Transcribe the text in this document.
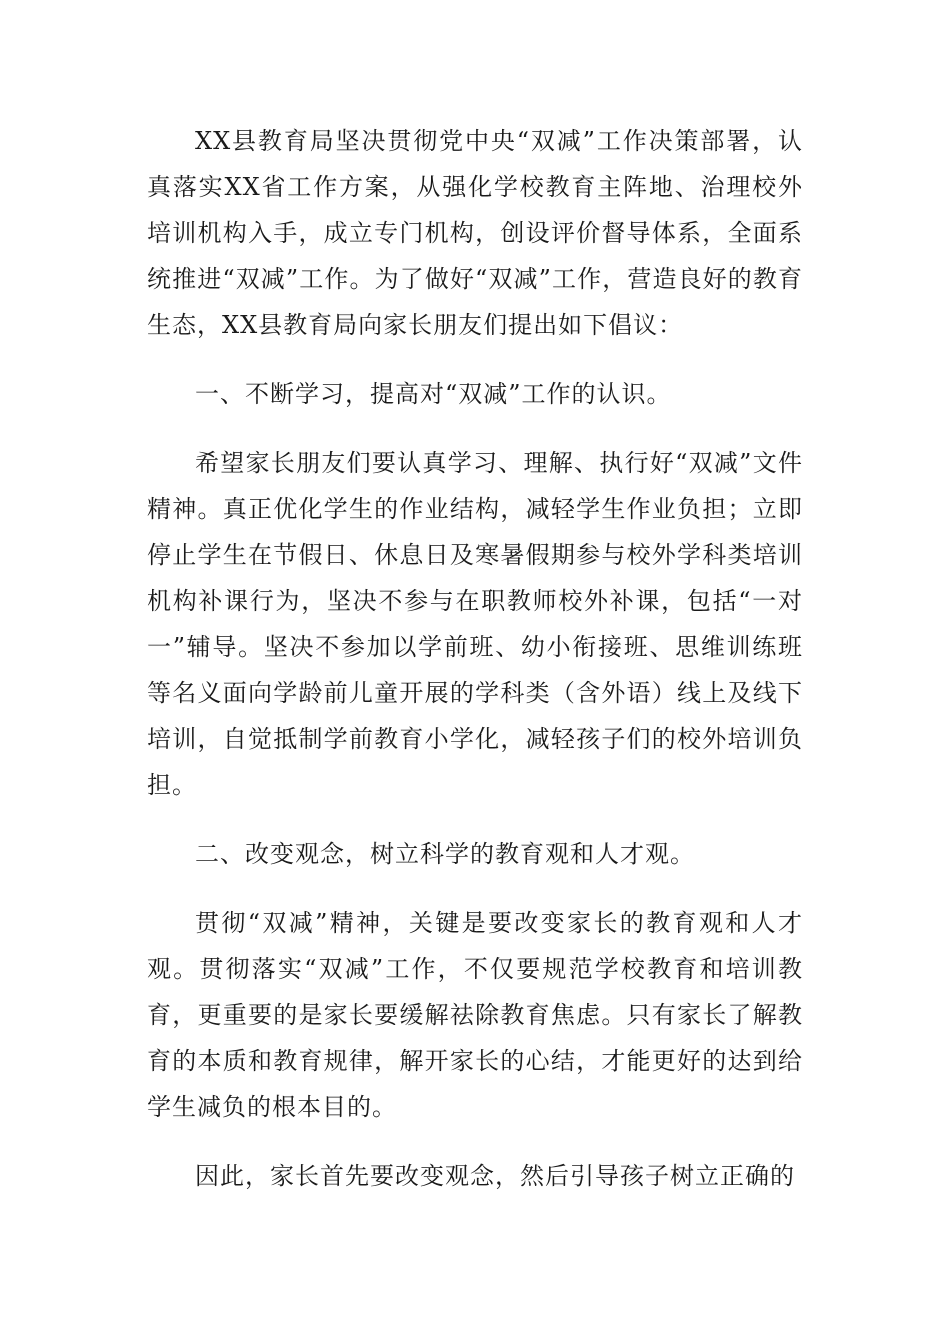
XX县教育局坚决贯彻党中央“双减”工作决策部署，认真落实XX省工作方案，从强化学校教育主阵地、治理校外培训机构入手，成立专门机构，创设评价督导体系，全面系统推进“双减”工作。为了做好“双减”工作，营造良好的教育生态，XX县教育局向家长朋友们提出如下倡议：

一、不断学习，提高对“双减”工作的认识。

希望家长朋友们要认真学习、理解、执行好“双减”文件精神。真正优化学生的作业结构，减轻学生作业负担；立即停止学生在节假日、休息日及寒暑假期参与校外学科类培训机构补课行为，坚决不参与在职教师校外补课，包括“一对一”辅导。坚决不参加以学前班、幼小衔接班、思维训练班等名义面向学龄前儿童开展的学科类（含外语）线上及线下培训，自觉抵制学前教育小学化，减轻孩子们的校外培训负担。

二、改变观念，树立科学的教育观和人才观。

贯彻“双减”精神，关键是要改变家长的教育观和人才观。贯彻落实“双减”工作，不仅要规范学校教育和培训教育，更重要的是家长要缓解祛除教育焦虑。只有家长了解教育的本质和教育规律，解开家长的心结，才能更好的达到给学生减负的根本目的。

因此，家长首先要改变观念，然后引导孩子树立正确的
